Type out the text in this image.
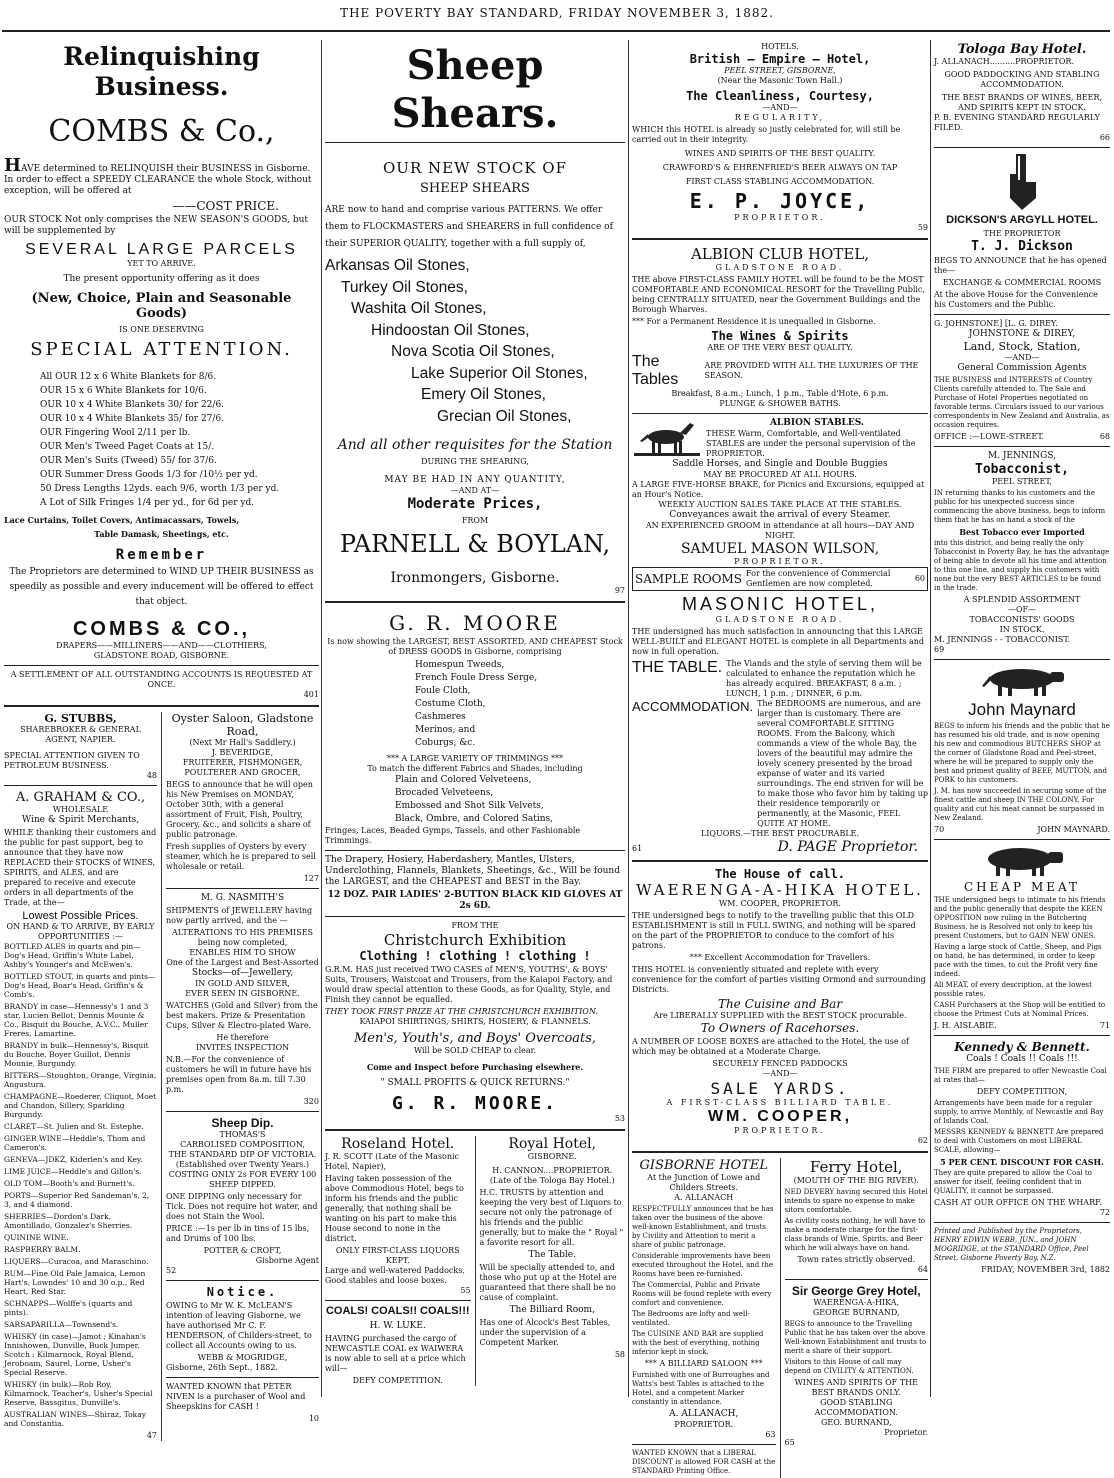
THE POVERTY BAY STANDARD, FRIDAY NOVEMBER 3, 1882.
Relinquishing Business.
COMBS & Co.,

HAVE determined to RELINQUISH their BUSINESS in Gisborne. In order to effect a SPEEDY CLEARANCE the whole Stock, without exception, will be offered at

——COST PRICE.

OUR STOCK Not only comprises the NEW SEASON'S GOODS, but will be supplemented by

SEVERAL LARGE PARCELS
YET TO ARRIVE.
The present opportunity offering as it does
(New, Choice, Plain and Seasonable Goods)
IS ONE DESERVING
SPECIAL ATTENTION.
All OUR 12 x 6 White Blankets for 8/6.
OUR 15 x 6 White Blankets for 10/6.
OUR 10 x 4 White Blankets 30/ for 22/6.
OUR 10 x 4 White Blankets 35/ for 27/6.
OUR Fingering Wool 2/11 per lb.
OUR Men's Tweed Paget Coats at 15/.
OUR Men's Suits (Tweed) 55/ for 37/6.
OUR Summer Dress Goods 1/3 for /10½ per yd.
50 Dress Lengths 12yds. each 9/6, worth 1/3 per yd.
A Lot of Silk Fringes 1/4 per yd., for 6d per yd.
Lace Curtains, Toilet Covers, Antimacassars, Towels,
Table Damask, Sheetings, etc.
Remember

The Proprietors are determined to WIND UP THEIR BUSINESS as speedily as possible and every inducement will be offered to effect that object.

COMBS & CO.,
DRAPERS——MILLINERS——AND——CLOTHIERS,
GLADSTONE ROAD, GISBORNE.
A SETTLEMENT OF ALL OUTSTANDING ACCOUNTS IS REQUESTED AT ONCE.
401
G. STUBBS,
SHAREBROKER & GENERAL AGENT, NAPIER.
SPECIAL ATTENTION GIVEN TO PETROLEUM BUSINESS.
48
A. GRAHAM & CO.,
WHOLESALE
Wine & Spirit Merchants,

WHILE thanking their customers and the public for past support, beg to announce that they have now REPLACED their STOCKS of WINES, SPIRITS, and ALES, and are prepared to receive and execute orders in all departments of the Trade, at the—

Lowest Possible Prices.
ON HAND & TO ARRIVE, BY EARLY OPPORTUNITIES :—
BOTTLED ALES in quarts and pin—Dog's Head, Griffin's White Label, Ashby's Younger's and McEwen's.
BOTTLED STOUT, in quarts and pints—Dog's Head, Boar's Head, Griffin's & Comb's.
BRANDY in case—Hennessy's 1 and 3 star, Lucien Bellot, Dennis Mounie & Co., Bisquit du Bouche, A.V.C., Muller Freres, Lamartine.
BRANDY in bulk—Hennessy's, Bisquit du Bouche, Boyer Guillot, Dennis Mounie, Burgundy.
BITTERS—Stoughton, Orange, Virginia, Angustura.
CHAMPAGNE—Roederer, Cliquot, Moet and Chandon, Sillery, Sparkling Burgundy.
CLARET—St. Julien and St. Estephe.
GINGER WINE—Heddle's, Thom and Cameron's.
GENEVA—JDKZ, Kiderlen's and Key.
LIME JUICE—Heddle's and Gillon's.
OLD TOM—Booth's and Burnett's.
PORTS—Superior Red Sandeman's, 2, 3, and 4 diamond.
SHERRIES—Dordon's Dark, Amontillado, Gonzalez's Sherries.
QUININE WINE.
RASPBERRY BALM.
LIQUERS—Curacoa, and Maraschino.
RUM—Fine Old Pale Jamaica, Lemon Hart's, Lowndes' 10 and 30 o.p., Red Heart, Red Star.
SCHNAPPS—Wolffe's (quarts and pints).
SARSAPARILLA—Townsend's.
WHISKY (in case)—Jamot ; Kinahan's Innishowen, Dunville, Buck Jumper. Scotch : Kilmarnock, Royal Blend, Jeroboam, Saurel, Lorne, Usher's Special Reserve.
WHISKY (in bulk)—Rob Roy, Kilmarnock, Teacher's, Usher's Special Reserve, Bassgitus, Dunville's.
AUSTRALIAN WINES—Shiraz, Tokay and Constantia.
47
Oyster Saloon, Gladstone Road,
(Next Mr Hall's Saddlery.)
J. BEVERIDGE,
FRUITERER, FISHMONGER, POULTERER AND GROCER,

BEGS to announce that he will open his New Premises on MONDAY, October 30th, with a general assortment of Fruit, Fish, Poultry, Grocery, &c., and solicits a share of public patronage.

Fresh supplies of Oysters by every steamer, which he is prepared to sell wholesale or retail.

127
M. G. NASMITH'S

SHIPMENTS of JEWELLERY having now partly arrived, and the —

ALTERATIONS TO HIS PREMISES
being now completed,
ENABLES HIM TO SHOW
One of the Largest and Best-Assorted
Stocks—of—Jewellery,
IN GOLD AND SILVER,
EVER SEEN IN GISBORNE.

WATCHES (Gold and Silver) from the best makers. Prize & Presentation Cups, Silver & Electro-plated Ware.

He therefore
INVITES INSPECTION

N.B.—For the convenience of customers he will in future have his premises open from 8a.m. till 7.30 p.m.

320
Sheep Dip.
THOMAS'S
CARBOLISED COMPOSITION,
THE STANDARD DIP OF VICTORIA.
(Established over Twenty Years.)
COSTING ONLY 2s FOR EVERY 100
SHEEP DIPPED.

ONE DIPPING only necessary for Tick. Does not require hot water, and does not Stain the Wool.

PRICE :—1s per lb in tins of 15 lbs, and Drums of 100 lbs.

POTTER & CROFT,
Gisborne Agent
52
Notice.

OWING to Mr W. K. McLEAN'S intention of leaving Gisborne, we have authorised Mr C. F. HENDERSON, of Childers-street, to collect all Accounts owing to us.

WEBB & MOGRIDGE,
Gisborne, 26th Sept., 1882.

WANTED KNOWN that PETER NIVEN is a purchaser of Wool and Sheepskins for CASH !

10
Sheep Shears.
OUR NEW STOCK OF
SHEEP SHEARS

ARE now to hand and comprise various PATTERNS. We offer them to FLOCKMASTERS and SHEARERS in full confidence of their SUPERIOR QUALITY, together with a full supply of,

Arkansas Oil Stones,
Turkey Oil Stones,
Washita Oil Stones,
Hindoostan Oil Stones,
Nova Scotia Oil Stones,
Lake Superior Oil Stones,
Emery Oil Stones,
Grecian Oil Stones,
And all other requisites for the Station
DURING THE SHEARING,
MAY BE HAD IN ANY QUANTITY,
—AND AT—
Moderate Prices,
FROM
PARNELL & BOYLAN,
Ironmongers, Gisborne.
97
G. R. MOORE

Is now showing the LARGEST, BEST ASSORTED, AND CHEAPEST Stock of DRESS GOODS in Gisborne, comprising

Homespun Tweeds,
French Foule Dress Serge,
Foule Cloth,
Costume Cloth,
Cashmeres
Merinos, and
Coburgs, &c.
*** A LARGE VARIETY OF TRIMMINGS ***
To match the different Fabrics and Shades, including
Plain and Colored Velveteens,
Brocaded Velveteens,
Embossed and Shot Silk Velvets,
Black, Ombre, and Colored Satins,
Fringes, Laces, Beaded Gymps, Tassels, and other Fashionable Trimmings.

The Drapery, Hosiery, Haberdashery, Mantles, Ulsters, Underclothing, Flannels, Blankets, Sheetings, &c., Will be found the LARGEST, and the CHEAPEST and BEST in the Bay.

12 DOZ. PAIR LADIES' 2-BUTTON BLACK KID GLOVES AT 2s 6D.
FROM THE
Christchurch Exhibition
Clothing ! clothing ! clothing !

G.R.M. HAS just received TWO CASES of MEN'S, YOUTHS', & BOYS' Suits, Trousers, Waistcoat and Trousers, from the Kaiapoi Factory, and would draw special attention to these Goods, as for Quality, Style, and Finish they cannot be equalled.

THEY TOOK FIRST PRIZE AT THE CHRISTCHURCH EXHIBITION.
KAIAPOI SHIRTINGS, SHIRTS, HOSIERY, & FLANNELS.
Men's, Youth's, and Boys' Overcoats,
Will be SOLD CHEAP to clear.
Come and Inspect before Purchasing elsewhere.
" SMALL PROFITS & QUICK RETURNS."
G. R. MOORE.
53
Roseland Hotel.
J. R. SCOTT (Late of the Masonic Hotel, Napier),

Having taken possession of the above Commodious Hotel, begs to inform his friends and the public generally, that nothing shall be wanting on his part to make this House second to none in the district.

ONLY FIRST-CLASS LIQUORS KEPT.
Large and well-watered Paddocks. Good stables and loose boxes.
55
COALS! COALS!! COALS!!!
H. W. LUKE.

HAVING purchased the cargo of NEWCASTLE COAL ex WAIWERA is now able to sell at a price which will—

DEFY COMPETITION.
Royal Hotel,
GISBORNE.
H. CANNON....PROPRIETOR.
(Late of the Tologa Bay Hotel.)

H.C. TRUSTS by attention and keeping the very best of Liquors to secure not only the patronage of his friends and the public generally, but to make the " Royal " a favorite resort for all.

The Table.

Will be specially attended to, and those who put up at the Hotel are guaranteed that there shall be no cause of complaint.

The Billiard Room,

Has one of Alcock's Best Tables, under the supervision of a Competent Marker.

58
HOTELS.
British — Empire — Hotel,
PEEL STREET, GISBORNE,
(Near the Masonic Town Hall.)
The Cleanliness, Courtesy,
—AND—
REGULARITY,

WHICH this HOTEL is already so justly celebrated for, will still be carried out in their integrity.

WINES AND SPIRITS OF THE BEST QUALITY.
CRAWFORD'S & EHRENFRIED'S BEER ALWAYS ON TAP
FIRST CLASS STABLING ACCOMMODATION.
E. P. JOYCE,
PROPRIETOR.
59
ALBION CLUB HOTEL,
GLADSTONE ROAD.

THE above FIRST-CLASS FAMILY HOTEL will be found to be the MOST COMFORTABLE AND ECONOMICAL RESORT for the Travelling Public, being CENTRALLY SITUATED, near the Government Buildings and the Borough Wharves.

*** For a Permanent Residence it is unequalled in Gisborne.
The Wines & Spirits
ARE OF THE VERY BEST QUALITY.
The Tables
ARE PROVIDED WITH ALL THE LUXURIES OF THE SEASON.
Breakfast, 8 a.m.; Lunch, 1 p.m., Table d'Hote, 6 p.m.
PLUNGE & SHOWER BATHS.
ALBION STABLES.
THESE Warm, Comfortable, and Well-ventilated STABLES are under the personal supervision of the PROPRIETOR.
Saddle Horses, and Single and Double Buggies
MAY BE PROCURED AT ALL HOURS.
A LARGE FIVE-HORSE BRAKE, for Picnics and Excursions, equipped at an Hour's Notice.
WEEKLY AUCTION SALES TAKE PLACE AT THE STABLES.
Conveyances await the arrival of every Steamer.
AN EXPERIENCED GROOM in attendance at all hours—DAY AND NIGHT.
SAMUEL MASON WILSON,
PROPRIETOR.
SAMPLE ROOMS For the convenience of Commercial Gentlemen are now completed.
60
MASONIC HOTEL,
GLADSTONE ROAD.

THE undersigned has much satisfaction in announcing that this LARGE WELL-BUILT and ELEGANT HOTEL is complete in all Departments and now in full operation.

THE TABLE. The Viands and the style of serving them will be calculated to enhance the reputation which he has already acquired. BREAKFAST, 8 a.m. ; LUNCH, 1 p.m. ; DINNER, 6 p.m.
ACCOMMODATION. The BEDROOMS are numerous, and are larger than is customary. There are several COMFORTABLE SITTING ROOMS. From the Balcony, which commands a view of the whole Bay, the lovers of the beautiful may admire the lovely scenery presented by the broad expanse of water and its varied surroundings. The end striven for will be to make those who favor him by taking up their residence temporarily or permanently, at the Masonic, FEEL QUITE AT HOME.
LIQUORS.—THE BEST PROCURABLE.
61	D. PAGE Proprietor.
The House of call.
WAERENGA-A-HIKA HOTEL.
WM. COOPER, PROPRIETOR.

THE undersigned begs to notify to the travelling public that this OLD ESTABLISHMENT is still in FULL SWING, and nothing will be spared on the part of the PROPRIETOR to conduce to the comfort of his patrons.

*** Excellent Accommodation for Travellers.

THIS HOTEL is conveniently situated and replete with every convenience for the comfort of parties visiting Ormond and surrounding Districts.

The Cuisine and Bar
Are LIBERALLY SUPPLIED with the BEST STOCK procurable.
To Owners of Racehorses.

A NUMBER OF LOOSE BOXES are attached to the Hotel, the use of which may be obtained at a Moderate Charge.

SECURELY FENCED PADDOCKS
—AND—
SALE YARDS.
A FIRST-CLASS BILLIARD TABLE.
WM. COOPER,
PROPRIETOR.
62
GISBORNE HOTEL
At the Junction of Lowe and Childers Streets.
A. ALLANACH

RESPECTFULLY announces that he has taken over the business of the above well-known Establishment, and trusts by Civility and Attention to merit a share of public patronage.

Considerable improvements have been executed throughout the Hotel, and the Rooms have been re-furnished.

The Commercial, Public and Private Rooms will be found replete with every comfort and convenience.

The Bedrooms are lofty and well-ventilated.

The CUISINE AND BAR are supplied with the best of everything, nothing inferior kept in stock.

*** A BILLIARD SALOON ***

Furnished with one of Burroughes and Watts's best Tables is attached to the Hotel, and a competent Marker constantly in attendance.

A. ALLANACH,
PROPRIETOR.
63

WANTED KNOWN that a LIBERAL DISCOUNT is allowed FOR CASH at the STANDARD Printing Office.

Ferry Hotel,
(MOUTH OF THE BIG RIVER).

NED DEVERY having secured this Hotel intends to spare no expense to make sitors comfortable.

As civility costs nothing, he will have to make a moderate charge for the first-class brands of Wine, Spirits, and Beer which he will always have on hand.

Town rates strictly observed.
64
Sir George Grey Hotel,
WAERENGA-A-HIKA,
GEORGE BURNAND,

BEGS to announce to the Travelling Public that he has taken over the above Well-known Establishment and trusts to merit a share of their support.

Visitors to this House of call may depend on CIVILITY & ATTENTION.

WINES AND SPIRITS OF THE BEST BRANDS ONLY.
GOOD STABLING ACCOMMODATION.
GEO. BURNAND,
Proprietor.
65
Tologa Bay Hotel.
J. ALLANACH..........PROPRIETOR.
GOOD PADDOCKING AND STABLING ACCOMMODATION.
THE BEST BRANDS OF WINES, BEER, AND SPIRITS KEPT IN STOCK.
P. B. EVENING STANDARD REGULARLY FILED.
66
DICKSON'S ARGYLL HOTEL.
THE PROPRIETOR
T. J. Dickson

BEGS TO ANNOUNCE that he has opened the—

EXCHANGE & COMMERCIAL ROOMS

At the above House for the Convenience his Customers and the Public.

G. JOHNSTONE] [L. G. DIREY.
JOHNSTONE & DIREY,
Land, Stock, Station,
—AND—
General Commission Agents

THE BUSINESS and INTERESTS of Country Clients carefully attended to. The Sale and Purchase of Hotel Properties negotiated on favorable terms. Circulars issued to our various correspondents in New Zealand and Australia, as occasion requires.

OFFICE :—LOWE-STREET.	68
M. JENNINGS,
Tobacconist,
PEEL STREET,

IN returning thanks to his customers and the public for his unexpected success since commencing the above business, begs to inform them that he has on hand a stock of the

Best Tobacco ever Imported

into this district, and being really the only Tobacconist in Poverty Bay, he has the advantage of being able to devote all his time and attention to this one line, and supply his customers with none but the very BEST ARTICLES to be found in the trade.

A SPLENDID ASSORTMENT
—OF—
TOBACCONISTS' GOODS
IN STOCK.
M. JENNINGS - - TOBACCONIST.
69
John Maynard

BEGS to inform his friends and the public that he has resumed his old trade, and is now opening his new and commodious BUTCHERS SHOP at the corner of Gladstone Road and Peel-street, where he will be prepared to supply only the best and primest quality of BEEF, MUTTON, and PORK to his customers.

J. M. has now succeeded in securing some of the finest cattle and sheep IN THE COLONY. For quality and cut his meat cannot be surpassed in New Zealand.

70	JOHN MAYNARD.
CHEAP MEAT

THE undersigned begs to intimate to his friends and the public generally that despite the KEEN OPPOSITION now ruling in the Butchering Business, he is Resolved not only to keep his present Customers, but to GAIN NEW ONES.

Having a large stock of Cattle, Sheep, and Pigs on hand, he has determined, in order to keep pace with the times, to cut the Profit very fine indeed.

All MEAT, of every description, at the lowest possible rates.

CASH Purchasers at the Shop will be entitled to choose the Primest Cuts at Nominal Prices.

J. H. AISLABIE.	71
Kennedy & Bennett.
Coals ! Coals !! Coals !!!

THE FIRM are prepared to offer Newcastle Coal at rates that—

DEFY COMPETITION,

Arrangements have been made for a regular supply, to arrive Monthly, of Newcastle and Bay of Islands Coal.

MESSRS KENNEDY & BENNETT Are prepared to deal with Customers on most LIBERAL SCALE, allowing—

5 PER CENT. DISCOUNT FOR CASH.

They are quite prepared to allow the Coal to answer for itself, feeling confident that in QUALITY, it cannot be surpassed.

CASH AT OUR OFFICE ON THE WHARF.
72

Printed and Published by the Proprietors, HENRY EDWIN WEBB, JUN., and JOHN MOGRIDGE, at the STANDARD Office, Peel Street, Gisborne Poverty Bay, N.Z.

FRIDAY, NOVEMBER 3rd, 1882
